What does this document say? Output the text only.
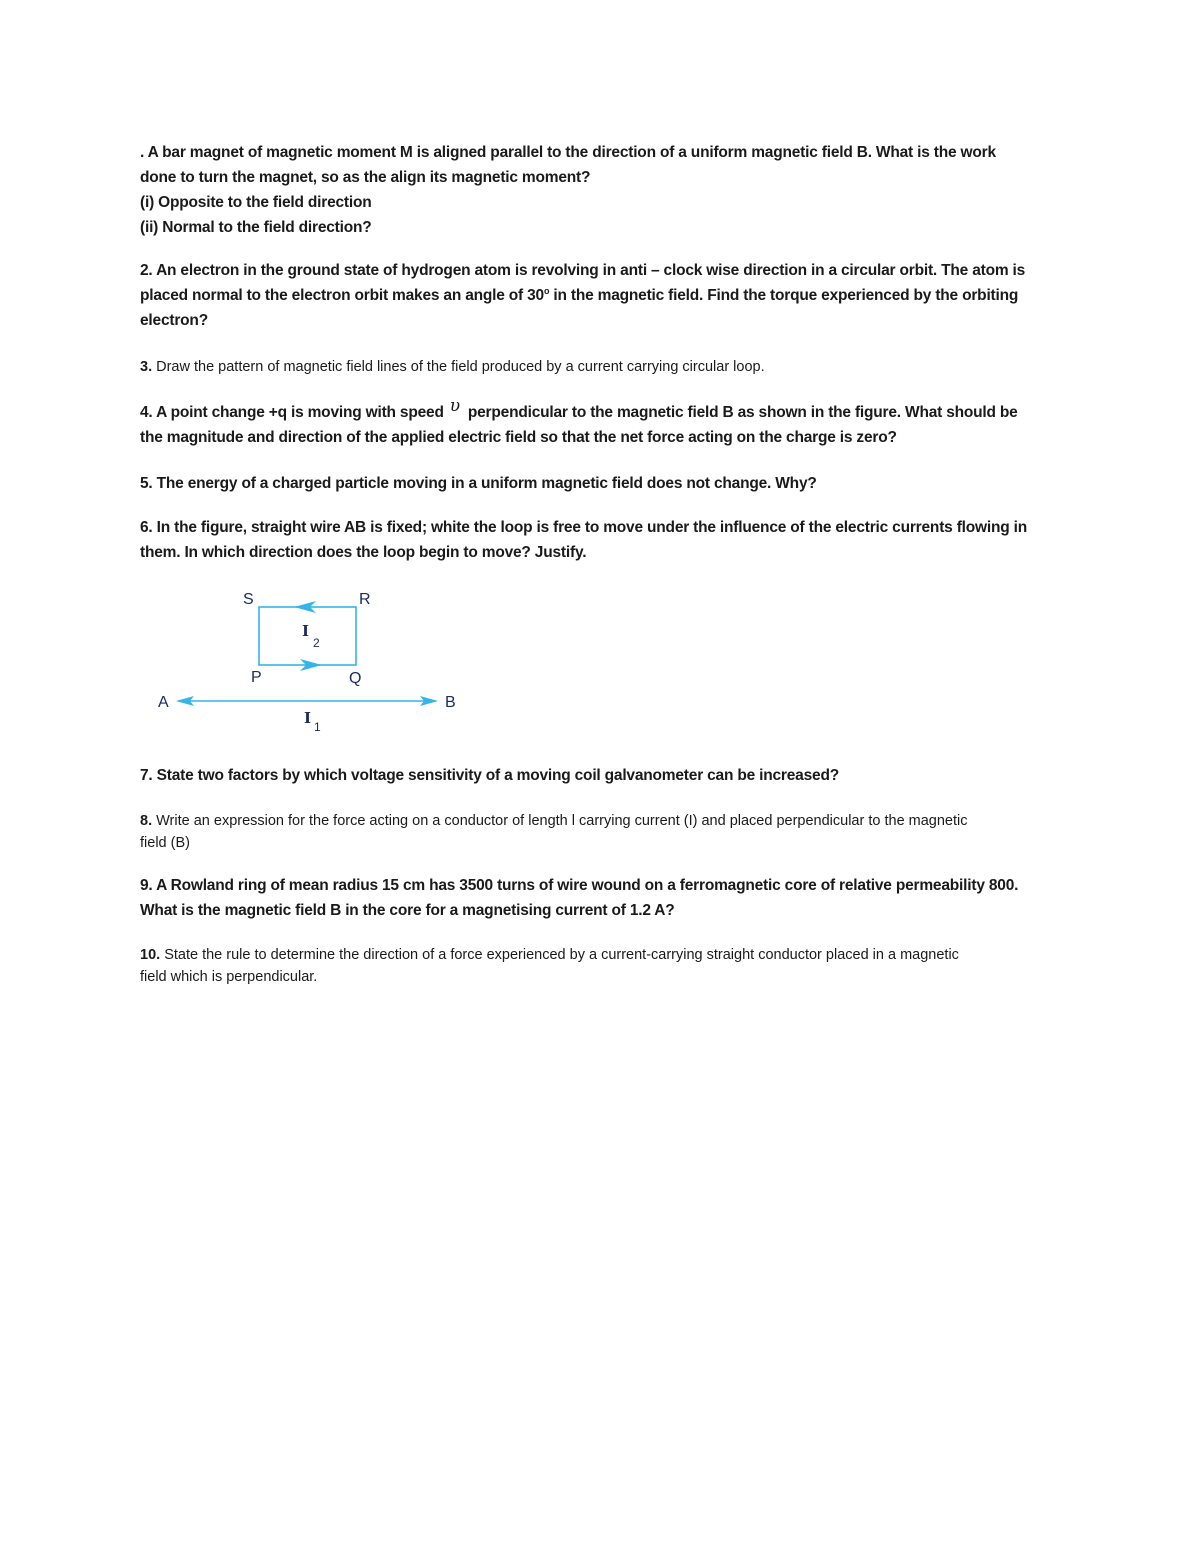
. A bar magnet of magnetic moment M is aligned parallel to the direction of a uniform magnetic field B. What is the work
done to turn the magnet, so as the align its magnetic moment?
(i) Opposite to the field direction
(ii) Normal to the field direction?
2. An electron in the ground state of hydrogen atom is revolving in anti – clock wise direction in a circular orbit. The atom is
placed normal to the electron orbit makes an angle of 30$^o$ in the magnetic field. Find the torque experienced by the orbiting
electron?
3. Draw the pattern of magnetic field lines of the field produced by a current carrying circular loop.
4. A point change +q is moving with speed υ perpendicular to the magnetic field B as shown in the figure. What should be
the magnitude and direction of the applied electric field so that the net force acting on the charge is zero?
5. The energy of a charged particle moving in a uniform magnetic field does not change. Why?
6. In the figure, straight wire AB is fixed; white the loop is free to move under the influence of the electric currents flowing in
them. In which direction does the loop begin to move? Justify.
S	R
P	Q
A	B
I
2
I 1
7. State two factors by which voltage sensitivity of a moving coil galvanometer can be increased?
8. Write an expression for the force acting on a conductor of length l carrying current (I) and placed perpendicular to the magnetic
field (B)
9. A Rowland ring of mean radius 15 cm has 3500 turns of wire wound on a ferromagnetic core of relative permeability 800.
What is the magnetic field B in the core for a magnetising current of 1.2 A?
10. State the rule to determine the direction of a force experienced by a current-carrying straight conductor placed in a magnetic
field which is perpendicular.
